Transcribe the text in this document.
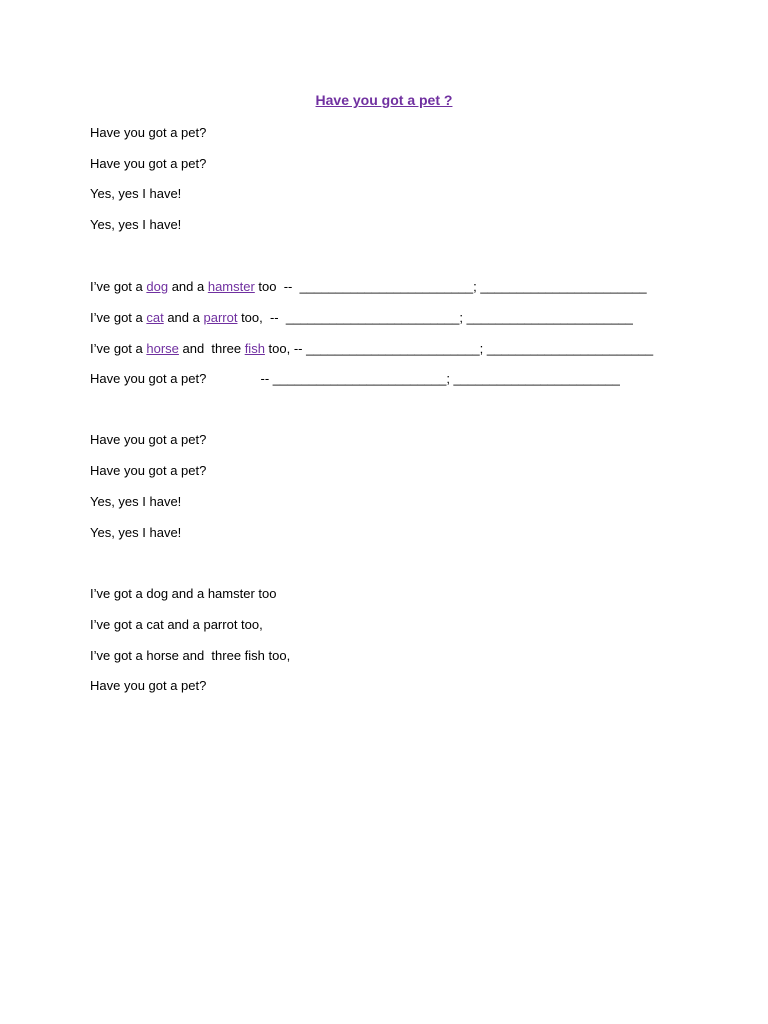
Have you got a pet ?
Have you got a pet?
Have you got a pet?
Yes, yes I have!
Yes, yes I have!
I’ve got a dog and a hamster too  --  ________________________; _______________________
I’ve got a cat and a parrot too,  --  ________________________; _______________________
I’ve got a horse and  three fish too, -- ________________________; _______________________
Have you got a pet?               -- ________________________; _______________________
Have you got a pet?
Have you got a pet?
Yes, yes I have!
Yes, yes I have!
I’ve got a dog and a hamster too
I’ve got a cat and a parrot too,
I’ve got a horse and  three fish too,
Have you got a pet?
